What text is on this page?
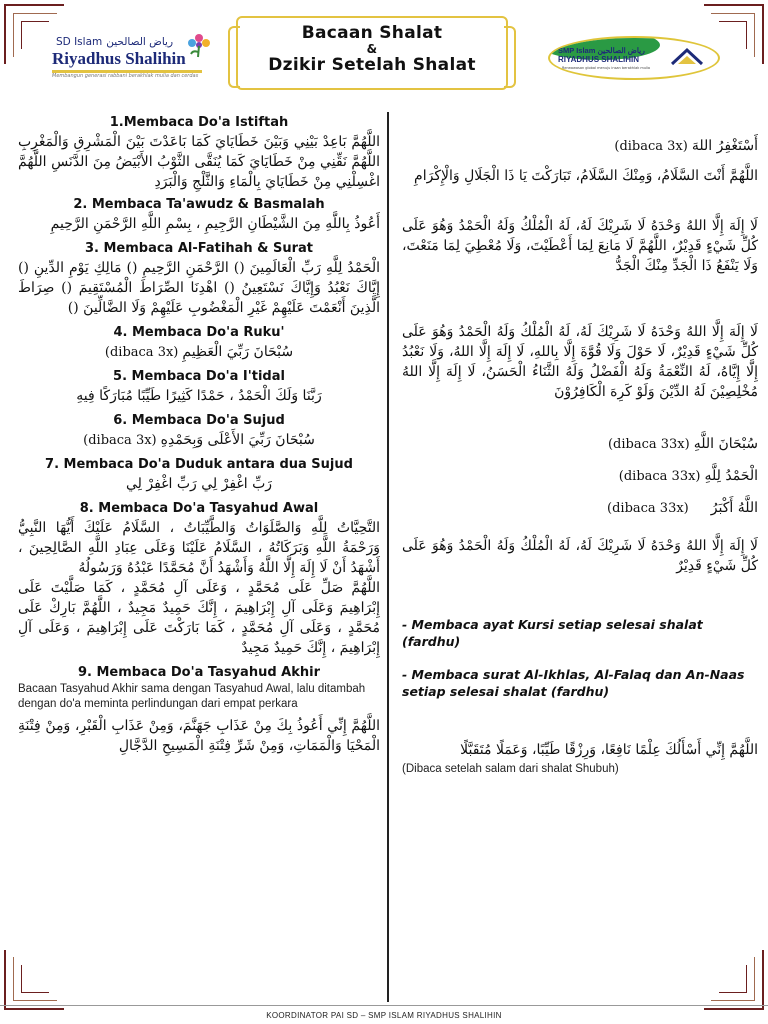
SD Islam رياض الصالحين
Riyadhus Shalihin
Membangun generasi rabbani berakhlak mulia dan cerdas
Bacaan Shalat
&
Dzikir Setelah Shalat
SMP Islam رياض الصالحين
RIYADHUS SHALIHIN
Berwawasan global menuju insan berakhlak mulia
1.Membaca Do'a Istiftah
اللَّهُمَّ بَاعِدْ بَيْنِي وَبَيْنَ خَطَايَايَ كَمَا بَاعَدْتَ بَيْنَ الْمَشْرِقِ وَالْمَغْرِبِ اللَّهُمَّ نَقِّنِي مِنْ خَطَايَايَ كَمَا يُنَقَّى الثَّوْبُ الأَبْيَضُ مِنَ الدَّنَسِ اللَّهُمَّ اغْسِلْنِي مِنْ خَطَايَايَ بِالْمَاءِ وَالثَّلْجِ وَالْبَرَدِ
2. Membaca Ta'awudz & Basmalah
أَعُوذُ بِاللَّهِ مِنَ الشَّيْطَانِ الرَّجِيمِ ، بِسْمِ اللَّهِ الرَّحْمَنِ الرَّحِيمِ
3. Membaca Al-Fatihah & Surat
الْحَمْدُ لِلَّهِ رَبِّ الْعَالَمِينَ () الرَّحْمَنِ الرَّحِيمِ () مَالِكِ يَوْمِ الدِّينِ () إِيَّاكَ نَعْبُدُ وَإِيَّاكَ نَسْتَعِينُ () اهْدِنَا الصِّرَاطَ الْمُسْتَقِيمَ () صِرَاطَ الَّذِينَ أَنْعَمْتَ عَلَيْهِمْ غَيْرِ الْمَغْضُوبِ عَلَيْهِمْ وَلَا الضَّالِّينَ ()
4. Membaca Do'a Ruku'
(dibaca 3x) سُبْحَانَ رَبِّيَ الْعَظِيمِ
5. Membaca Do'a I'tidal
رَبَّنَا وَلَكَ الْحَمْدُ ، حَمْدًا كَثِيرًا طَيِّبًا مُبَارَكًا فِيهِ
6. Membaca Do'a Sujud
(dibaca 3x) سُبْحَانَ رَبِّيَ الأَعْلَى وَبِحَمْدِهِ
7. Membaca Do'a Duduk antara dua Sujud
رَبِّ اغْفِرْ لِي رَبِّ اغْفِرْ لِي
8. Membaca Do'a Tasyahud Awal
التَّحِيَّاتُ لِلَّهِ وَالصَّلَوَاتُ وَالطَّيِّبَاتُ ، السَّلَامُ عَلَيْكَ أَيُّهَا النَّبِيُّ وَرَحْمَةُ اللَّهِ وَبَرَكَاتُهُ ، السَّلَامُ عَلَيْنَا وَعَلَى عِبَادِ اللَّهِ الصَّالِحِينَ ، أَشْهَدُ أَنْ لَا إِلَهَ إِلَّا اللَّهُ وَأَشْهَدُ أَنَّ مُحَمَّدًا عَبْدُهُ وَرَسُولُهُ
اللَّهُمَّ صَلِّ عَلَى مُحَمَّدٍ ، وَعَلَى آلِ مُحَمَّدٍ ، كَمَا صَلَّيْتَ عَلَى إِبْرَاهِيمَ وَعَلَى آلِ إِبْرَاهِيمَ ، إِنَّكَ حَمِيدٌ مَجِيدٌ ، اللَّهُمَّ بَارِكْ عَلَى مُحَمَّدٍ ، وَعَلَى آلِ مُحَمَّدٍ ، كَمَا بَارَكْتَ عَلَى إِبْرَاهِيمَ ، وَعَلَى آلِ إِبْرَاهِيمَ ، إِنَّكَ حَمِيدٌ مَجِيدٌ
9. Membaca Do'a Tasyahud Akhir
Bacaan Tasyahud Akhir sama dengan Tasyahud Awal, lalu ditambah dengan do'a meminta perlindungan dari empat perkara
اللَّهُمَّ إِنِّي أَعُوذُ بِكَ مِنْ عَذَابِ جَهَنَّمَ، وَمِنْ عَذَابِ الْقَبْرِ، وَمِنْ فِتْنَةِ الْمَحْيَا وَالْمَمَاتِ، وَمِنْ شَرِّ فِتْنَةِ الْمَسِيحِ الدَّجَّالِ
(dibaca 3x) أَسْتَغْفِرُ اللهَ
اللَّهُمَّ أَنْتَ السَّلَامُ، وَمِنْكَ السَّلَامُ، تَبَارَكْتَ يَا ذَا الْجَلَالِ وَالْإِكْرَامِ
لَا إِلَهَ إِلَّا اللهُ وَحْدَهُ لَا شَرِيْكَ لَهُ، لَهُ الْمُلْكُ وَلَهُ الْحَمْدُ وَهُوَ عَلَى كُلِّ شَيْءٍ قَدِيْرٌ، اللَّهُمَّ لَا مَانِعَ لِمَا أَعْطَيْتَ، وَلَا مُعْطِيَ لِمَا مَنَعْتَ، وَلَا يَنْفَعُ ذَا الْجَدِّ مِنْكَ الْجَدُّ
لَا إِلَهَ إِلَّا اللهُ وَحْدَهُ لَا شَرِيْكَ لَهُ، لَهُ الْمُلْكُ وَلَهُ الْحَمْدُ وَهُوَ عَلَى كُلِّ شَيْءٍ قَدِيْرٌ، لَا حَوْلَ وَلَا قُوَّةَ إِلَّا بِاللهِ، لَا إِلَهَ إِلَّا اللهُ، وَلَا نَعْبُدُ إِلَّا إِيَّاهُ، لَهُ النِّعْمَةُ وَلَهُ الْفَضْلُ وَلَهُ الثَّنَاءُ الْحَسَنُ، لَا إِلَهَ إِلَّا اللهُ مُخْلِصِيْنَ لَهُ الدِّيْنَ وَلَوْ كَرِهَ الْكَافِرُوْنَ
(dibaca 33x) سُبْحَانَ اللَّهِ
(dibaca 33x) الْحَمْدُ لِلَّهِ
(dibaca 33x) اللَّهُ أَكْبَرُ
لَا إِلَهَ إِلَّا اللهُ وَحْدَهُ لَا شَرِيْكَ لَهُ، لَهُ الْمُلْكُ وَلَهُ الْحَمْدُ وَهُوَ عَلَى كُلِّ شَيْءٍ قَدِيْرٌ
- Membaca ayat Kursi setiap selesai shalat (fardhu)
- Membaca surat Al-Ikhlas, Al-Falaq dan An-Naas setiap selesai shalat (fardhu)
اللَّهُمَّ إِنِّي أَسْأَلُكَ عِلْمًا نَافِعًا، وَرِزْقًا طَيِّبًا، وَعَمَلًا مُتَقَبَّلًا
(Dibaca setelah salam dari shalat Shubuh)
KOORDINATOR PAI SD – SMP ISLAM RIYADHUS SHALIHIN
